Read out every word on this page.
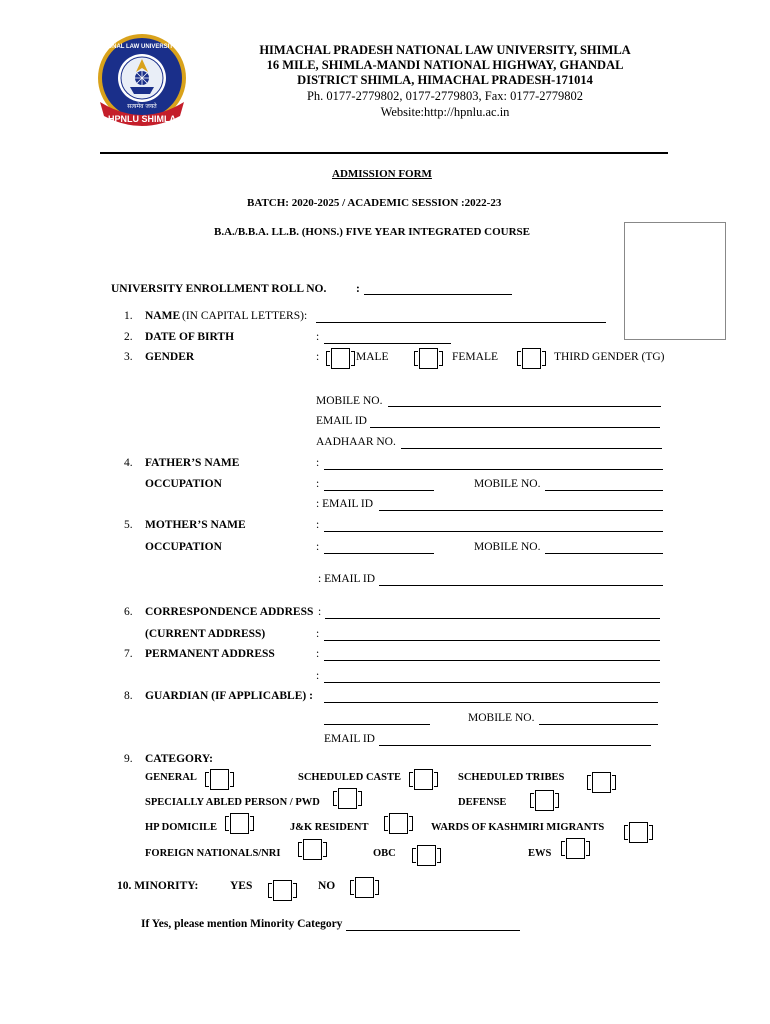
HPNLU SHIMLA
H.P. NATIONAL LAW UNIVERSITY, SHIMLA
सत्यमेव जयते
HIMACHAL PRADESH NATIONAL LAW UNIVERSITY, SHIMLA
16 MILE, SHIMLA-MANDI NATIONAL HIGHWAY, GHANDAL
DISTRICT SHIMLA, HIMACHAL PRADESH-171014
Ph. 0177-2779802, 0177-2779803, Fax: 0177-2779802
Website:http://hpnlu.ac.in
ADMISSION FORM
BATCH: 2020-2025 / ACADEMIC SESSION :2022-23
B.A./B.B.A. LL.B. (HONS.) FIVE YEAR INTEGRATED COURSE
UNIVERSITY ENROLLMENT ROLL NO.	:
1. NAME (IN CAPITAL LETTERS):
2. DATE OF BIRTH	:
3. GENDER	:	MALE	FEMALE	THIRD GENDER (TG)
MOBILE NO.
EMAIL ID
AADHAAR NO.
4. FATHER’S NAME	:
OCCUPATION	:	MOBILE NO.
: EMAIL ID
5. MOTHER’S NAME	:
OCCUPATION	:	MOBILE NO.
: EMAIL ID
6. CORRESPONDENCE ADDRESS :
(CURRENT ADDRESS)	:
7. PERMANENT ADDRESS	:
:
8. GUARDIAN (IF APPLICABLE) :
MOBILE NO.
EMAIL ID
9. CATEGORY:
GENERAL	SCHEDULED CASTE	SCHEDULED TRIBES
SPECIALLY ABLED PERSON / PWD	DEFENSE
HP DOMICILE	J&K RESIDENT	WARDS OF KASHMIRI MIGRANTS
FOREIGN NATIONALS/NRI	OBC	EWS
10. MINORITY:	YES	NO
If Yes, please mention Minority Category
